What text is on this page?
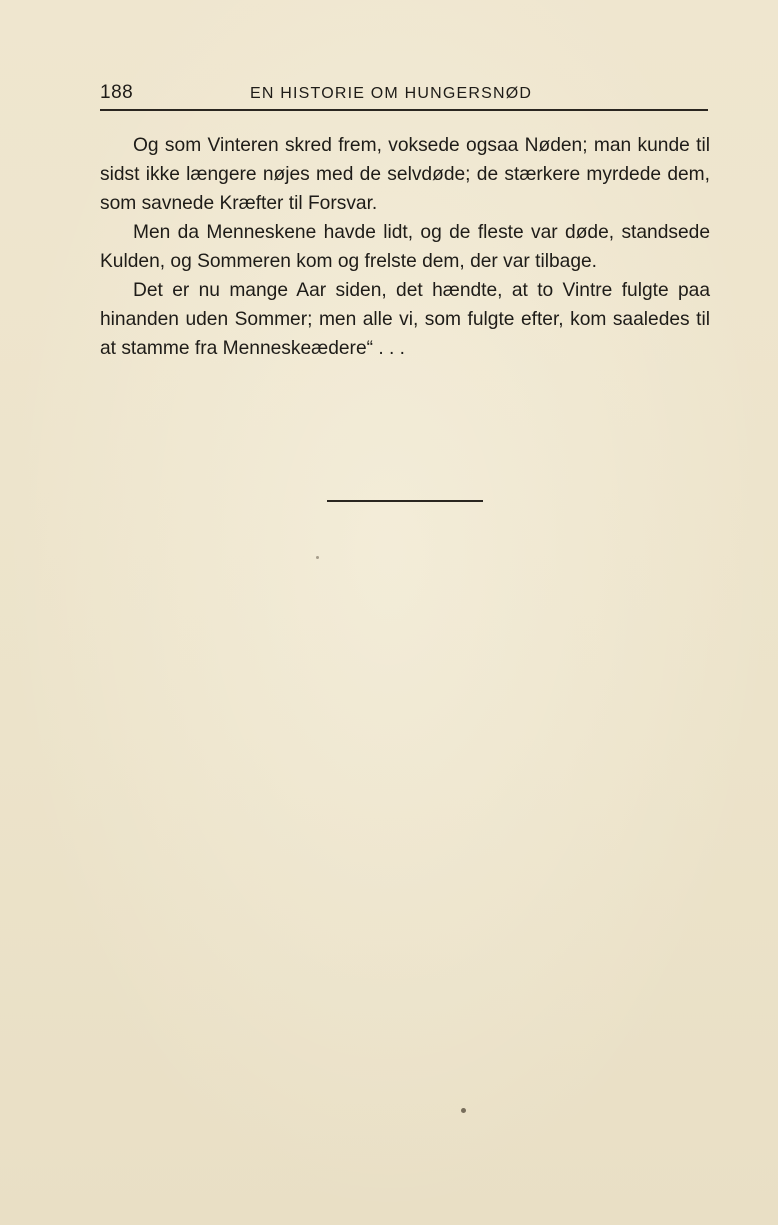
188	EN HISTORIE OM HUNGERSNØD

Og som Vinteren skred frem, voksede ogsaa Nøden; man kunde til sidst ikke længere nøjes med de selvdøde; de stærkere myrdede dem, som savnede Kræfter til Forsvar.

Men da Menneskene havde lidt, og de fleste var døde, standsede Kulden, og Sommeren kom og frelste dem, der var tilbage.

Det er nu mange Aar siden, det hændte, at to Vintre fulgte paa hinanden uden Sommer; men alle vi, som fulgte efter, kom saaledes til at stamme fra Menneskeædere“ . . .
